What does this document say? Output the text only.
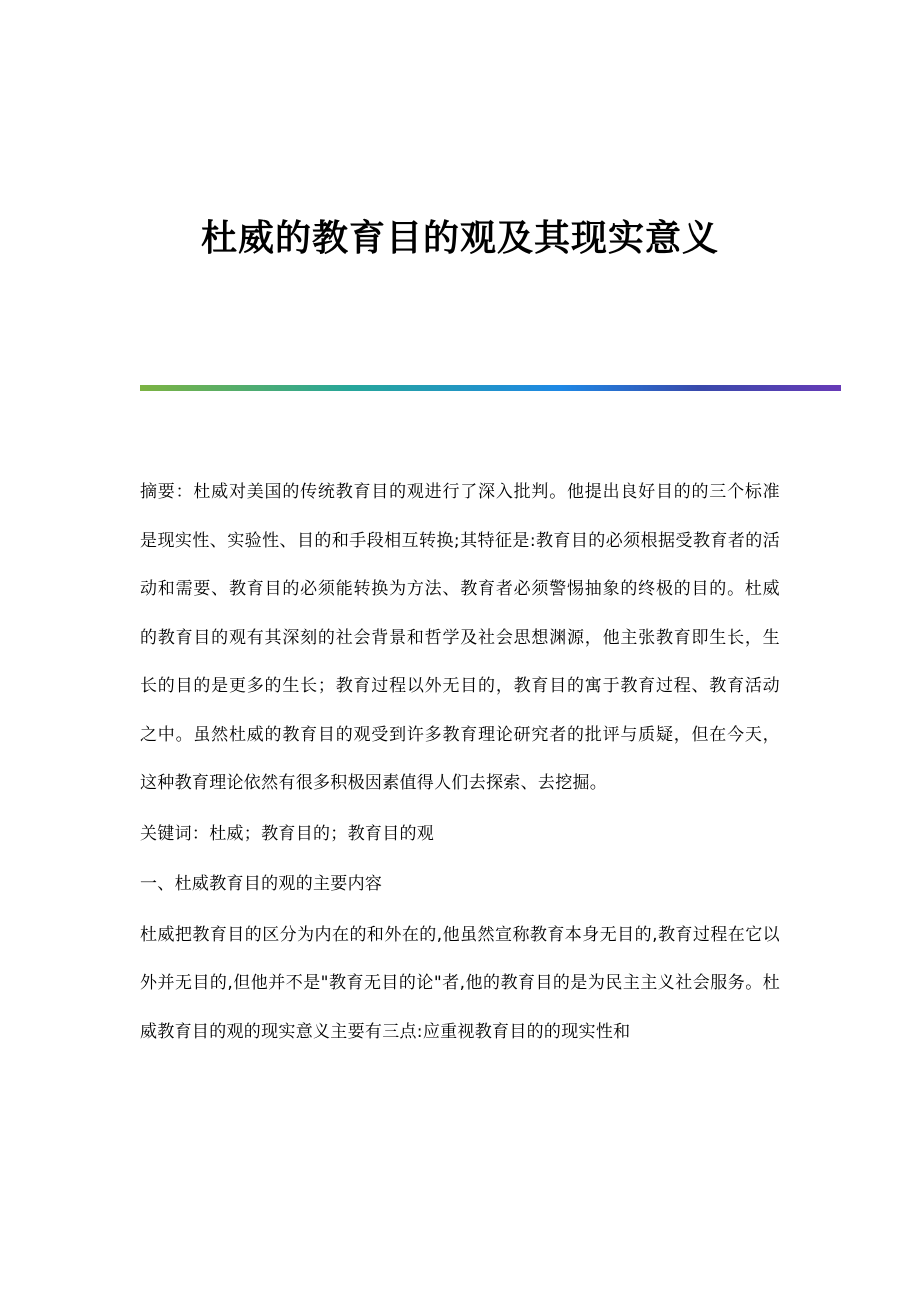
杜威的教育目的观及其现实意义

摘要：杜威对美国的传统教育目的观进行了深入批判。他提出良好目的的三个标准是现实性、实验性、目的和手段相互转换;其特征是:教育目的必须根据受教育者的活动和需要、教育目的必须能转换为方法、教育者必须警惕抽象的终极的目的。杜威的教育目的观有其深刻的社会背景和哲学及社会思想渊源，他主张教育即生长，生长的目的是更多的生长；教育过程以外无目的，教育目的寓于教育过程、教育活动之中。虽然杜威的教育目的观受到许多教育理论研究者的批评与质疑，但在今天，这种教育理论依然有很多积极因素值得人们去探索、去挖掘。

关键词：杜威；教育目的；教育目的观

一、杜威教育目的观的主要内容

杜威把教育目的区分为内在的和外在的,他虽然宣称教育本身无目的,教育过程在它以外并无目的,但他并不是"教育无目的论"者,他的教育目的是为民主主义社会服务。杜威教育目的观的现实意义主要有三点:应重视教育目的的现实性和
